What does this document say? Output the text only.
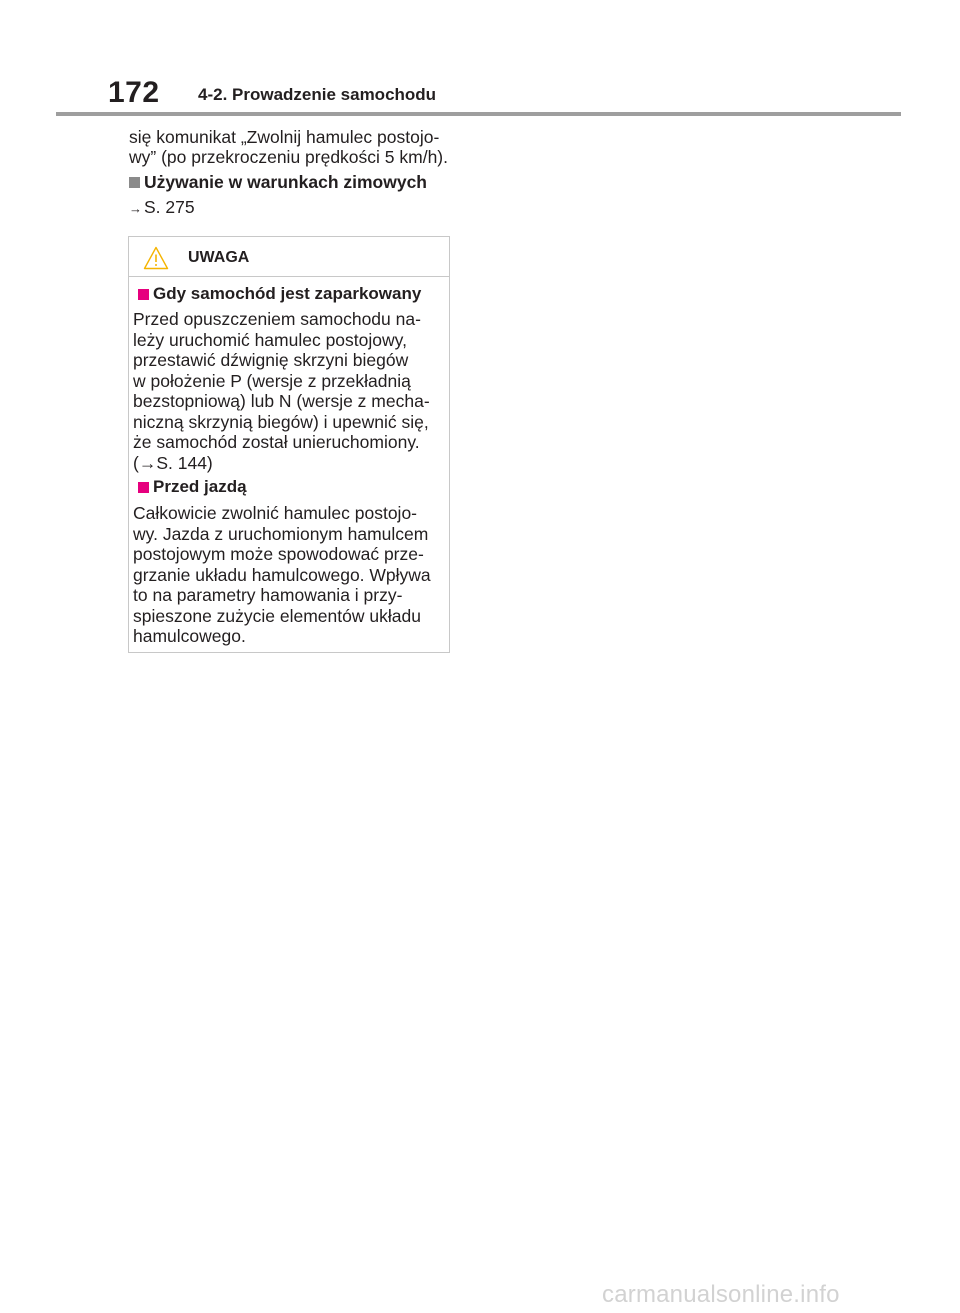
172 4-2. Prowadzenie samochodu
się komunikat „Zwolnij hamulec postojo-
wy” (po przekroczeniu prędkości 5 km/h).
Używanie w warunkach zimowych
→ S. 275
UWAGA
Gdy samochód jest zaparkowany
Przed opuszczeniem samochodu na-
leży uruchomić hamulec postojowy,
przestawić dźwignię skrzyni biegów
w położenie P (wersje z przekładnią
bezstopniową) lub N (wersje z mecha-
niczną skrzynią biegów) i upewnić się,
że samochód został unieruchomiony.
(→S. 144)
Przed jazdą
Całkowicie zwolnić hamulec postojo-
wy. Jazda z uruchomionym hamulcem
postojowym może spowodować prze-
grzanie układu hamulcowego. Wpływa
to na parametry hamowania i przy-
spieszone zużycie elementów układu
hamulcowego.
carmanualsonline.info
